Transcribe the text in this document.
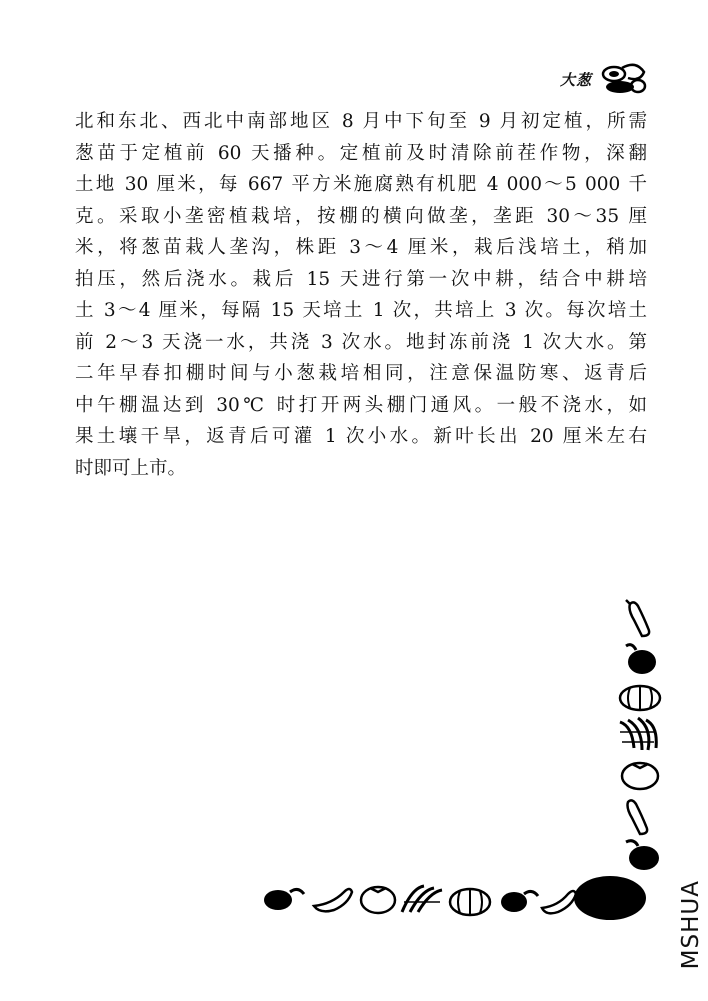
大葱

北和东北、西北中南部地区 8 月中下旬至 9 月初定植，所需

葱苗于定植前 60 天播种。定植前及时清除前茬作物，深翻

土地 30 厘米，每 667 平方米施腐熟有机肥 4 000～5 000 千

克。采取小垄密植栽培，按棚的横向做垄，垄距 30～35 厘

米，将葱苗栽人垄沟，株距 3～4 厘米，栽后浅培土，稍加

拍压，然后浇水。栽后 15 天进行第一次中耕，结合中耕培

土 3～4 厘米，每隔 15 天培土 1 次，共培上 3 次。每次培土

前 2～3 天浇一水，共浇 3 次水。地封冻前浇 1 次大水。第

二年早春扣棚时间与小葱栽培相同，注意保温防寒、返青后

中午棚温达到 30℃ 时打开两头棚门通风。一般不浇水，如

果土壤干旱，返青后可灌 1 次小水。新叶长出 20 厘米左右

时即可上市。

MSHUA
